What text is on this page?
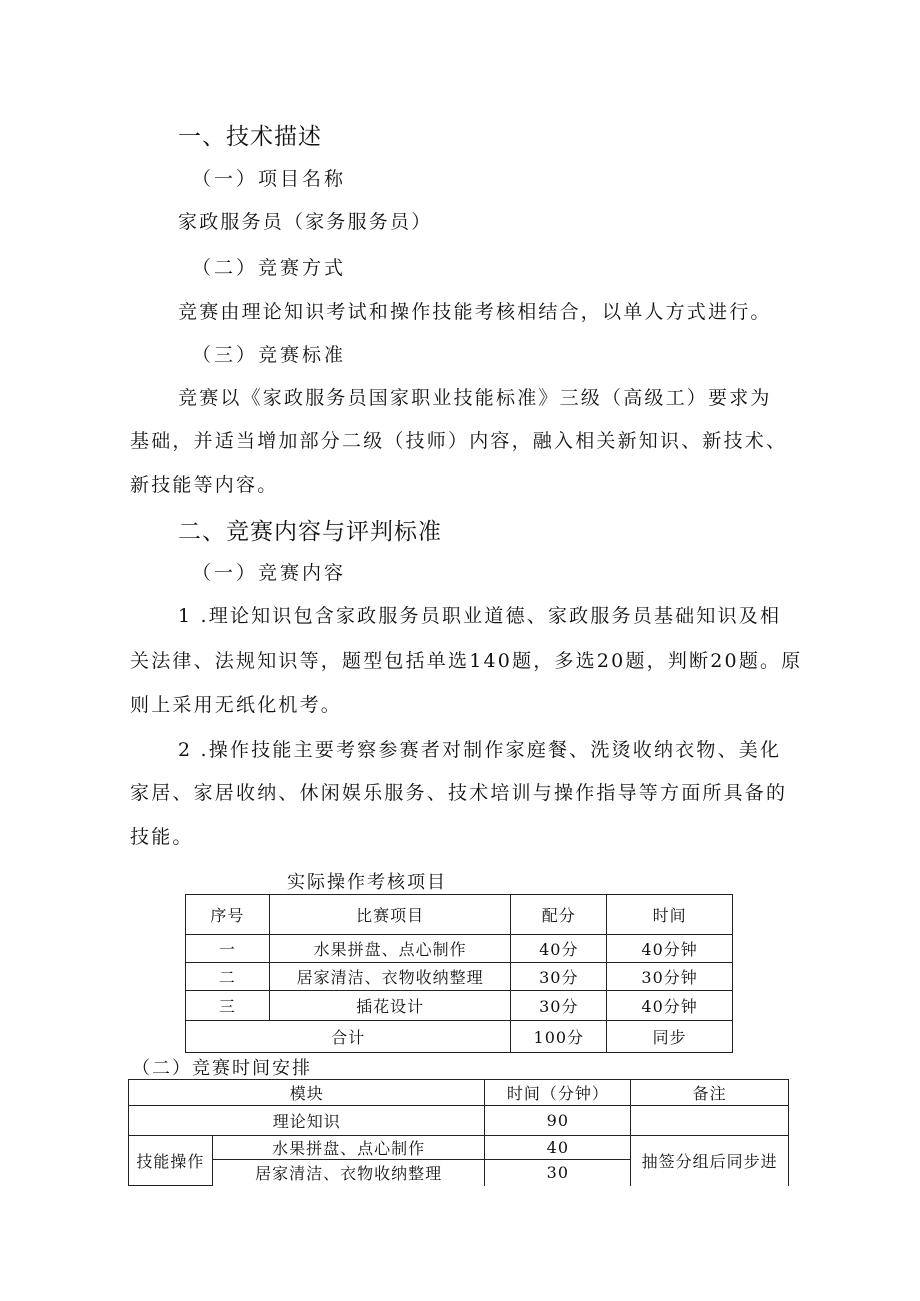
一、技术描述
（一）项目名称
家政服务员（家务服务员）
（二）竞赛方式
竞赛由理论知识考试和操作技能考核相结合，以单人方式进行。
（三）竞赛标准
竞赛以《家政服务员国家职业技能标准》三级（高级工）要求为
基础，并适当增加部分二级（技师）内容，融入相关新知识、新技术、
新技能等内容。
二、竞赛内容与评判标准
（一）竞赛内容
1 .理论知识包含家政服务员职业道德、家政服务员基础知识及相
关法律、法规知识等，题型包括单选140题，多选20题，判断20题。原
则上采用无纸化机考。
2 .操作技能主要考察参赛者对制作家庭餐、洗烫收纳衣物、美化
家居、家居收纳、休闲娱乐服务、技术培训与操作指导等方面所具备的
技能。
实际操作考核项目
序号	比赛项目	配分	时间
一	水果拼盘、点心制作	40分	40分钟
二	居家清洁、衣物收纳整理	30分	30分钟
三	插花设计	30分	40分钟
合计		100分	同步
（二）竞赛时间安排
模块		时间（分钟）	备注
理论知识		90	
技能操作	水果拼盘、点心制作	40	抽签分组后同步进
	居家清洁、衣物收纳整理	30	
